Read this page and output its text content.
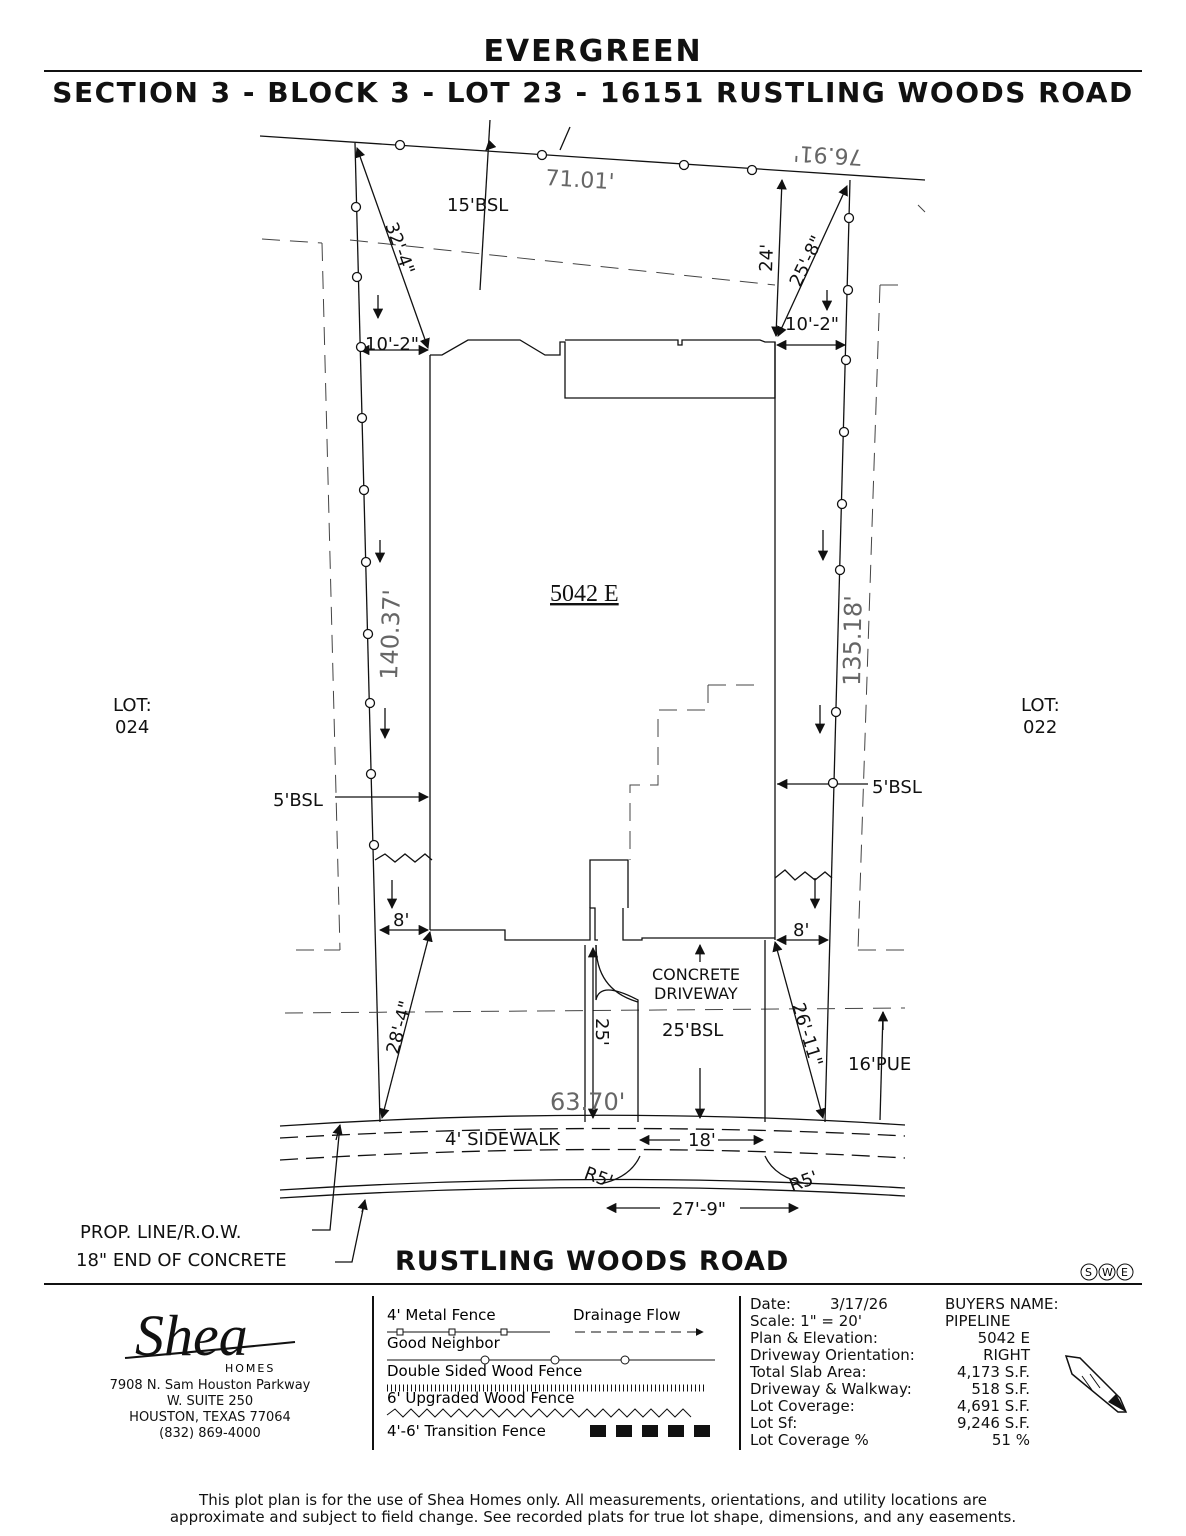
EVERGREEN
SECTION 3 - BLOCK 3 - LOT 23 - 16151 RUSTLING WOODS ROAD
15'BSL
71.01'
76.91'
32'-4"	24' 25'-8"
10'-2"
10'-2"
5042 E
140.37'	135.18'
LOT:
024
LOT:
022
5'BSL
5'BSL
8'	8'
CONCRETE
DRIVEWAY
28'-4"	26'-11"
25'	25'BSL
16'PUE
63.70'
4' SIDEWALK	18'
R5'	R5'
27'-9"
PROP. LINE/R.O.W.
18" END OF CONCRETE	RUSTLING WOODS ROAD	S W E
Shea
HOMES
7908 N. Sam Houston Parkway
W. SUITE 250
HOUSTON, TEXAS 77064
(832) 869-4000
4' Metal Fence	Drainage Flow
Good Neighbor
Double Sided Wood Fence
6' Upgraded Wood Fence
4'-6' Transition Fence
Date:	3/17/26
Scale: 1" = 20'
Plan & Elevation:	5042 E
Driveway Orientation:	RIGHT
Total Slab Area:	4,173 S.F.
Driveway & Walkway:	518 S.F.
Lot Coverage:	4,691 S.F.
Lot Sf:	9,246 S.F.
Lot Coverage %	51 %
BUYERS NAME:
PIPELINE
This plot plan is for the use of Shea Homes only. All measurements, orientations, and utility locations are
approximate and subject to field change. See recorded plats for true lot shape, dimensions, and any easements.
